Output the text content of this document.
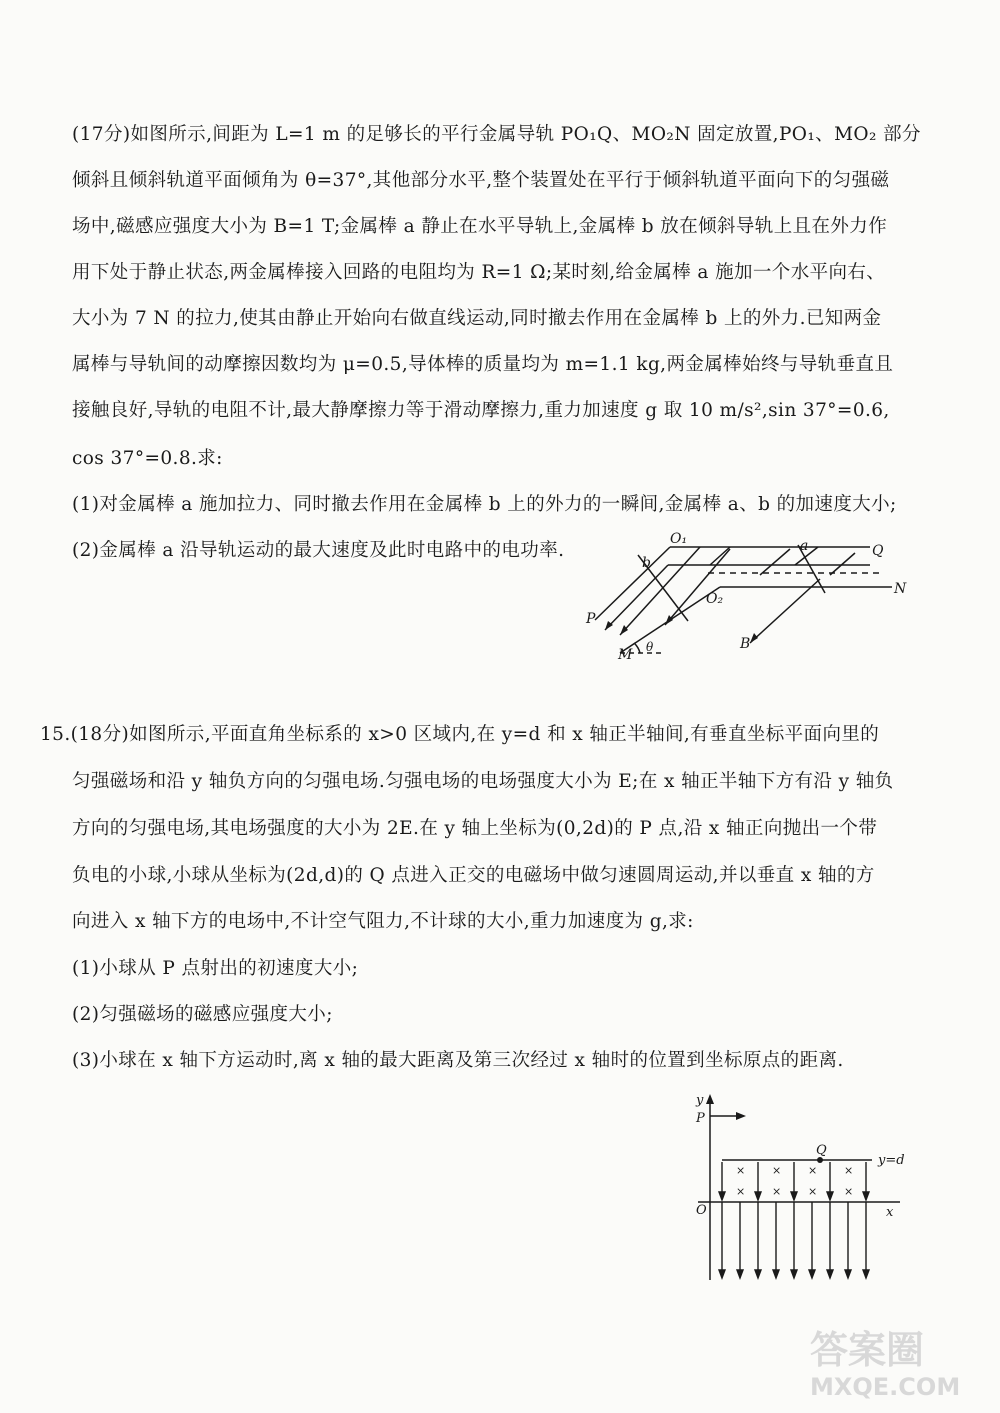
(17分)如图所示,间距为 L=1 m 的足够长的平行金属导轨 PO₁Q、MO₂N 固定放置,PO₁、MO₂ 部分
倾斜且倾斜轨道平面倾角为 θ=37°,其他部分水平,整个装置处在平行于倾斜轨道平面向下的匀强磁
场中,磁感应强度大小为 B=1 T;金属棒 a 静止在水平导轨上,金属棒 b 放在倾斜导轨上且在外力作
用下处于静止状态,两金属棒接入回路的电阻均为 R=1 Ω;某时刻,给金属棒 a 施加一个水平向右、
大小为 7 N 的拉力,使其由静止开始向右做直线运动,同时撤去作用在金属棒 b 上的外力.已知两金
属棒与导轨间的动摩擦因数均为 μ=0.5,导体棒的质量均为 m=1.1 kg,两金属棒始终与导轨垂直且
接触良好,导轨的电阻不计,最大静摩擦力等于滑动摩擦力,重力加速度 g 取 10 m/s²,sin 37°=0.6,
cos 37°=0.8.求:
(1)对金属棒 a 施加拉力、同时撤去作用在金属棒 b 上的外力的一瞬间,金属棒 a、b 的加速度大小;
(2)金属棒 a 沿导轨运动的最大速度及此时电路中的电功率.
O₁
b
a	Q
N
O₂
P
M
B
θ
15.(18分)如图所示,平面直角坐标系的 x>0 区域内,在 y=d 和 x 轴正半轴间,有垂直坐标平面向里的
匀强磁场和沿 y 轴负方向的匀强电场.匀强电场的电场强度大小为 E;在 x 轴正半轴下方有沿 y 轴负
方向的匀强电场,其电场强度的大小为 2E.在 y 轴上坐标为(0,2d)的 P 点,沿 x 轴正向抛出一个带
负电的小球,小球从坐标为(2d,d)的 Q 点进入正交的电磁场中做匀速圆周运动,并以垂直 x 轴的方
向进入 x 轴下方的电场中,不计空气阻力,不计球的大小,重力加速度为 g,求:
(1)小球从 P 点射出的初速度大小;
(2)匀强磁场的磁感应强度大小;
(3)小球在 x 轴下方运动时,离 x 轴的最大距离及第三次经过 x 轴时的位置到坐标原点的距离.
× × × ×
× × × ×
y
P
Q
y=d
O	x
答案圈
MXQE.COM
